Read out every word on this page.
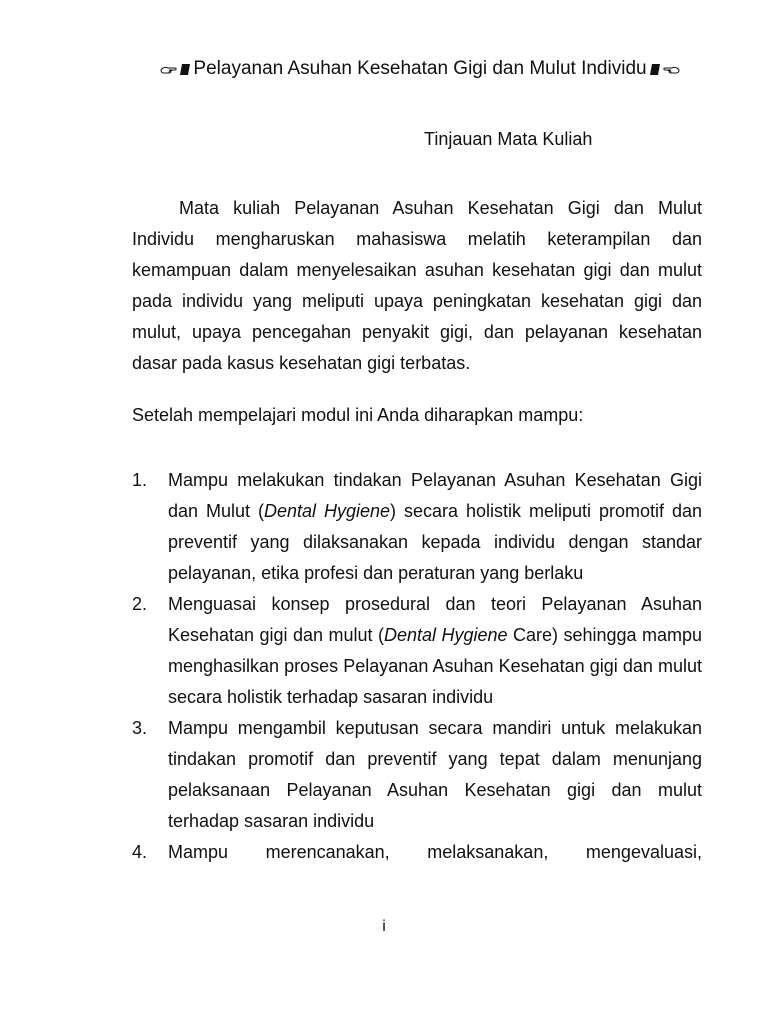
Pelayanan Asuhan Kesehatan Gigi dan Mulut Individu
Tinjauan Mata Kuliah

Mata kuliah Pelayanan Asuhan Kesehatan Gigi dan Mulut Individu mengharuskan mahasiswa melatih keterampilan dan kemampuan dalam menyelesaikan asuhan kesehatan gigi dan mulut pada individu yang meliputi upaya peningkatan kesehatan gigi dan mulut, upaya pencegahan penyakit gigi, dan pelayanan kesehatan dasar pada kasus kesehatan gigi terbatas.

Setelah mempelajari modul ini Anda diharapkan mampu:
1. Mampu melakukan tindakan Pelayanan Asuhan Kesehatan Gigi dan Mulut (Dental Hygiene) secara holistik meliputi promotif dan preventif yang dilaksanakan kepada individu dengan standar pelayanan, etika profesi dan peraturan yang berlaku
2. Menguasai konsep prosedural dan teori Pelayanan Asuhan Kesehatan gigi dan mulut (Dental Hygiene Care) sehingga mampu menghasilkan proses Pelayanan Asuhan Kesehatan gigi dan mulut secara holistik terhadap sasaran individu
3. Mampu mengambil keputusan secara mandiri untuk melakukan tindakan promotif dan preventif yang tepat dalam menunjang pelaksanaan Pelayanan Asuhan Kesehatan gigi dan mulut terhadap sasaran individu
4. Mampu merencanakan, melaksanakan, mengevaluasi,
i
